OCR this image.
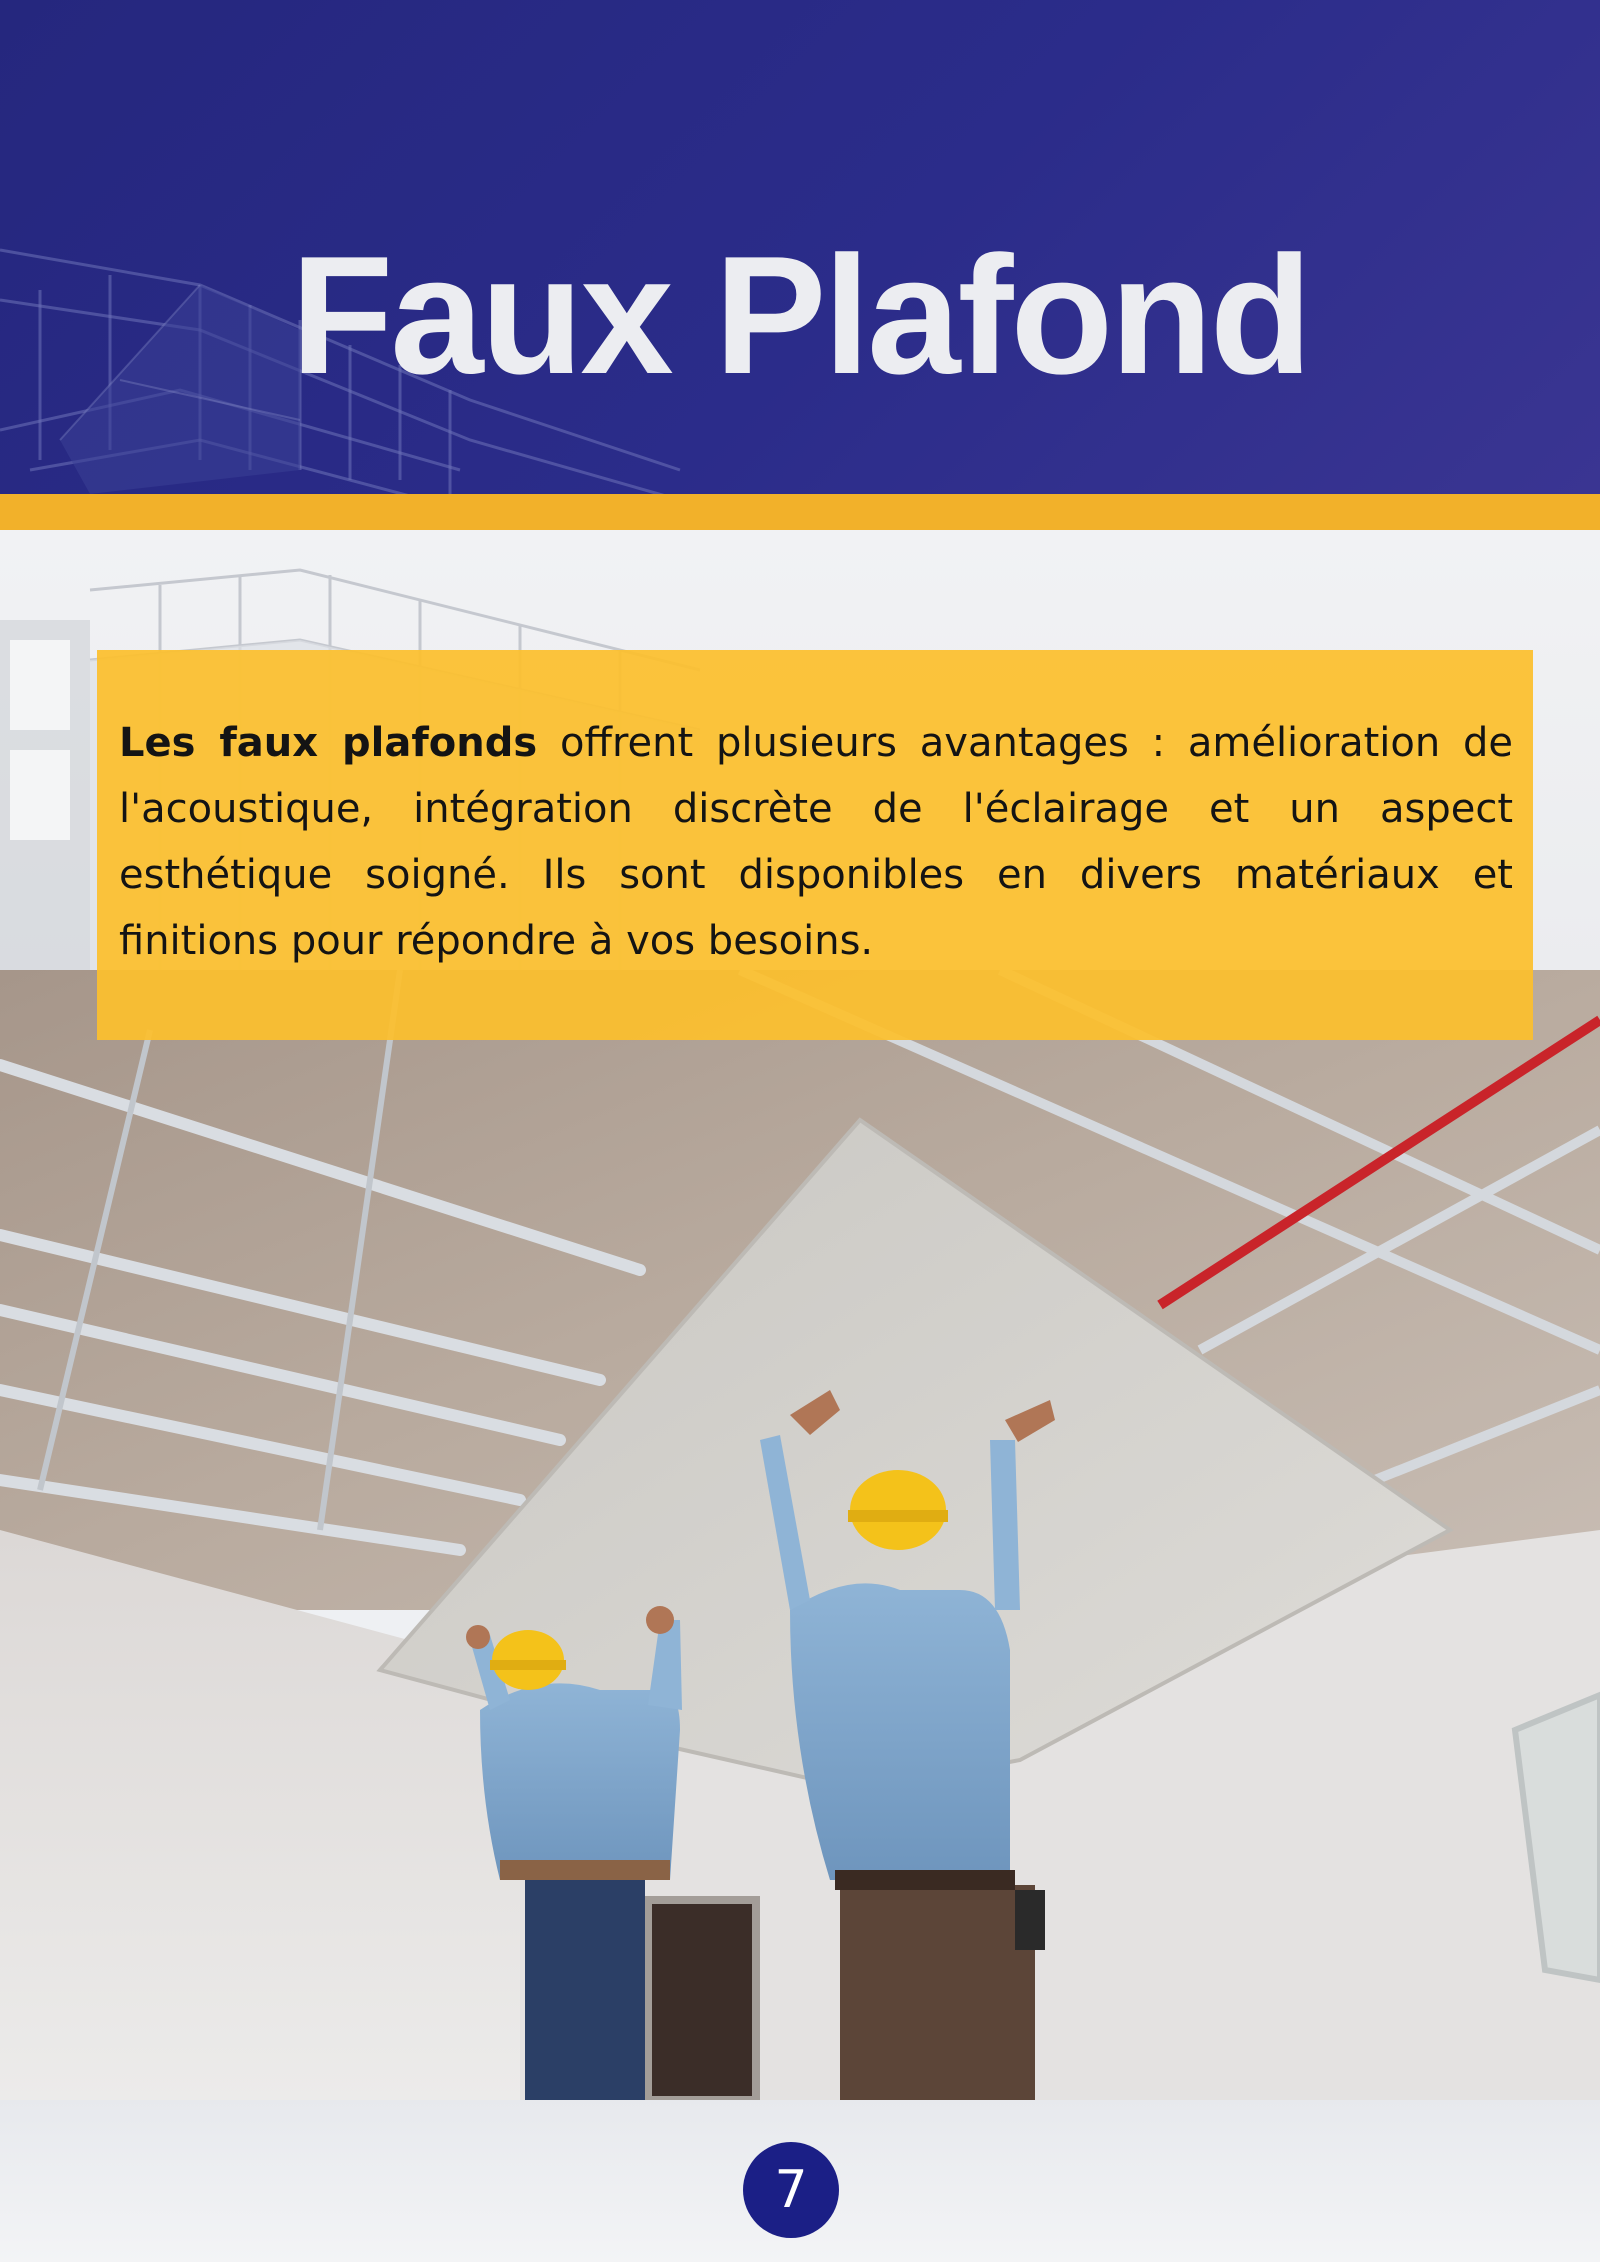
Faux Plafond

Les faux plafonds offrent plusieurs avantages : amélioration de l'acoustique, intégration discrète de l'éclairage et un aspect esthétique soigné. Ils sont disponibles en divers matériaux et finitions pour répondre à vos besoins.

7
